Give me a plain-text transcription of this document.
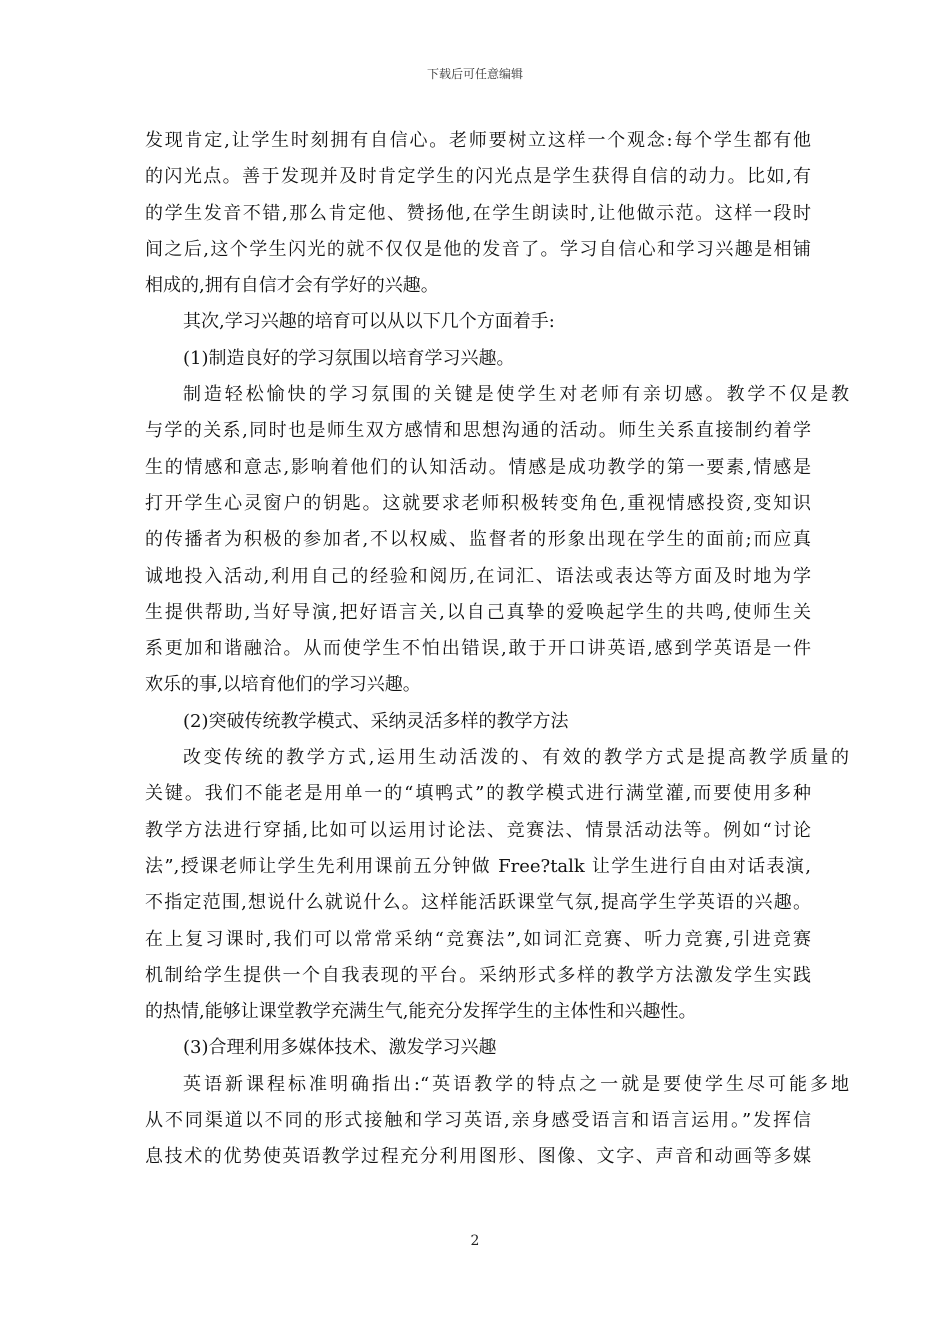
下载后可任意编辑
发现肯定,让学生时刻拥有自信心。老师要树立这样一个观念:每个学生都有他
的闪光点。善于发现并及时肯定学生的闪光点是学生获得自信的动力。比如,有
的学生发音不错,那么肯定他、赞扬他,在学生朗读时,让他做示范。这样一段时
间之后,这个学生闪光的就不仅仅是他的发音了。学习自信心和学习兴趣是相铺
相成的,拥有自信才会有学好的兴趣。
其次,学习兴趣的培育可以从以下几个方面着手:
(1)制造良好的学习氛围以培育学习兴趣。
制造轻松愉快的学习氛围的关键是使学生对老师有亲切感。教学不仅是教
与学的关系,同时也是师生双方感情和思想沟通的活动。师生关系直接制约着学
生的情感和意志,影响着他们的认知活动。情感是成功教学的第一要素,情感是
打开学生心灵窗户的钥匙。这就要求老师积极转变角色,重视情感投资,变知识
的传播者为积极的参加者,不以权威、监督者的形象出现在学生的面前;而应真
诚地投入活动,利用自己的经验和阅历,在词汇、语法或表达等方面及时地为学
生提供帮助,当好导演,把好语言关,以自己真挚的爱唤起学生的共鸣,使师生关
系更加和谐融洽。从而使学生不怕出错误,敢于开口讲英语,感到学英语是一件
欢乐的事,以培育他们的学习兴趣。
(2)突破传统教学模式、采纳灵活多样的教学方法
改变传统的教学方式,运用生动活泼的、有效的教学方式是提高教学质量的
关键。我们不能老是用单一的“填鸭式”的教学模式进行满堂灌,而要使用多种
教学方法进行穿插,比如可以运用讨论法、竞赛法、情景活动法等。例如“讨论
法”,授课老师让学生先利用课前五分钟做 Free?talk 让学生进行自由对话表演,
不指定范围,想说什么就说什么。这样能活跃课堂气氛,提高学生学英语的兴趣。
在上复习课时,我们可以常常采纳“竞赛法”,如词汇竞赛、听力竞赛,引进竞赛
机制给学生提供一个自我表现的平台。采纳形式多样的教学方法激发学生实践
的热情,能够让课堂教学充满生气,能充分发挥学生的主体性和兴趣性。
(3)合理利用多媒体技术、激发学习兴趣
英语新课程标准明确指出:“英语教学的特点之一就是要使学生尽可能多地
从不同渠道以不同的形式接触和学习英语,亲身感受语言和语言运用。”发挥信
息技术的优势使英语教学过程充分利用图形、图像、文字、声音和动画等多媒
2
